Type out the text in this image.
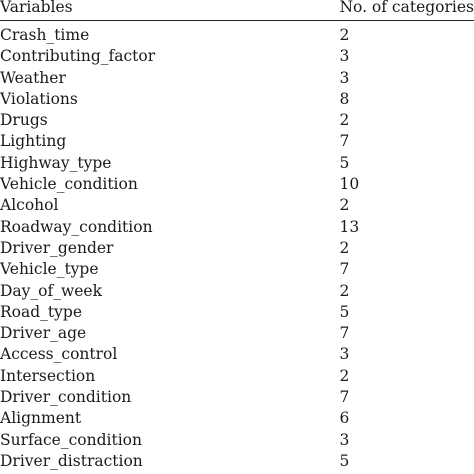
Variables	No. of categories
Crash_time	2
Contributing_factor	3
Weather	3
Violations	8
Drugs	2
Lighting	7
Highway_type	5
Vehicle_condition	10
Alcohol	2
Roadway_condition	13
Driver_gender	2
Vehicle_type	7
Day_of_week	2
Road_type	5
Driver_age	7
Access_control	3
Intersection	2
Driver_condition	7
Alignment	6
Surface_condition	3
Driver_distraction	5
